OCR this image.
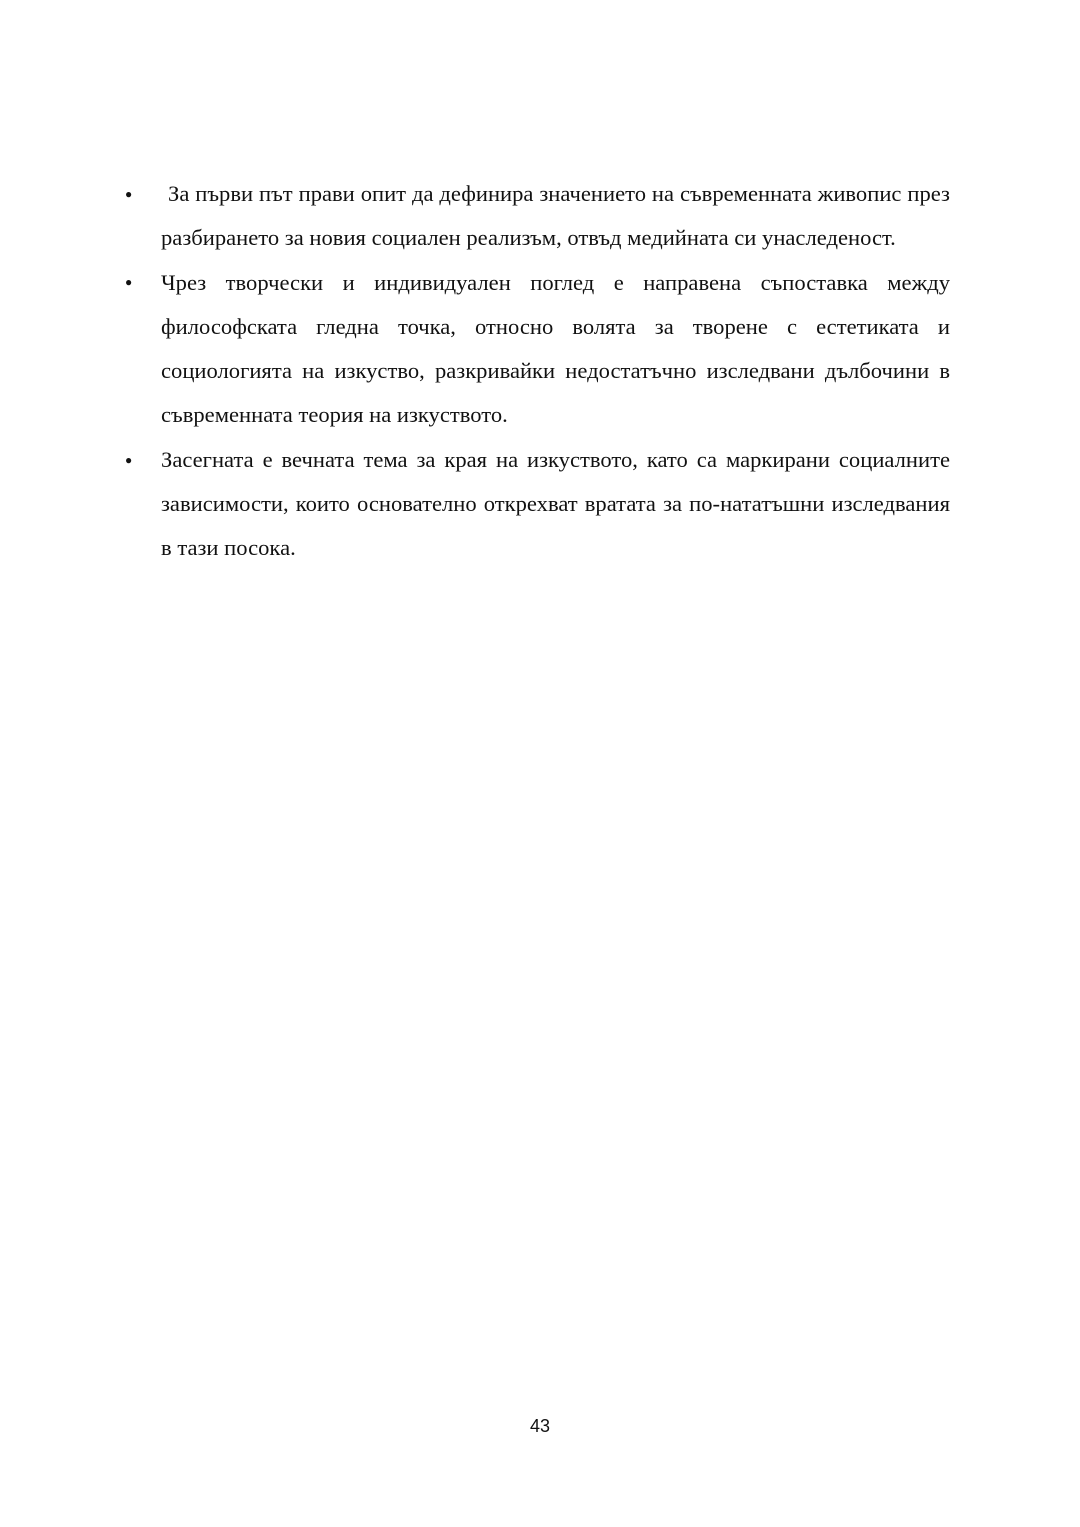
●
За първи път прави опит да дефинира значението на съвременната живопис през разбирането за новия социален реализъм, отвъд медийната си унаследеност.
●
Чрез творчески и индивидуален поглед е направена съпоставка между философската гледна точка, относно волята за творене с естетиката и социологията на изкуство, разкривайки недостатъчно изследвани дълбочини в съвременната теория на изкуството.
●
Засегната е вечната тема за края на изкуството, като са маркирани социалните зависимости, които основателно открехват вратата за по-нататъшни изследвания в тази посока.
43
